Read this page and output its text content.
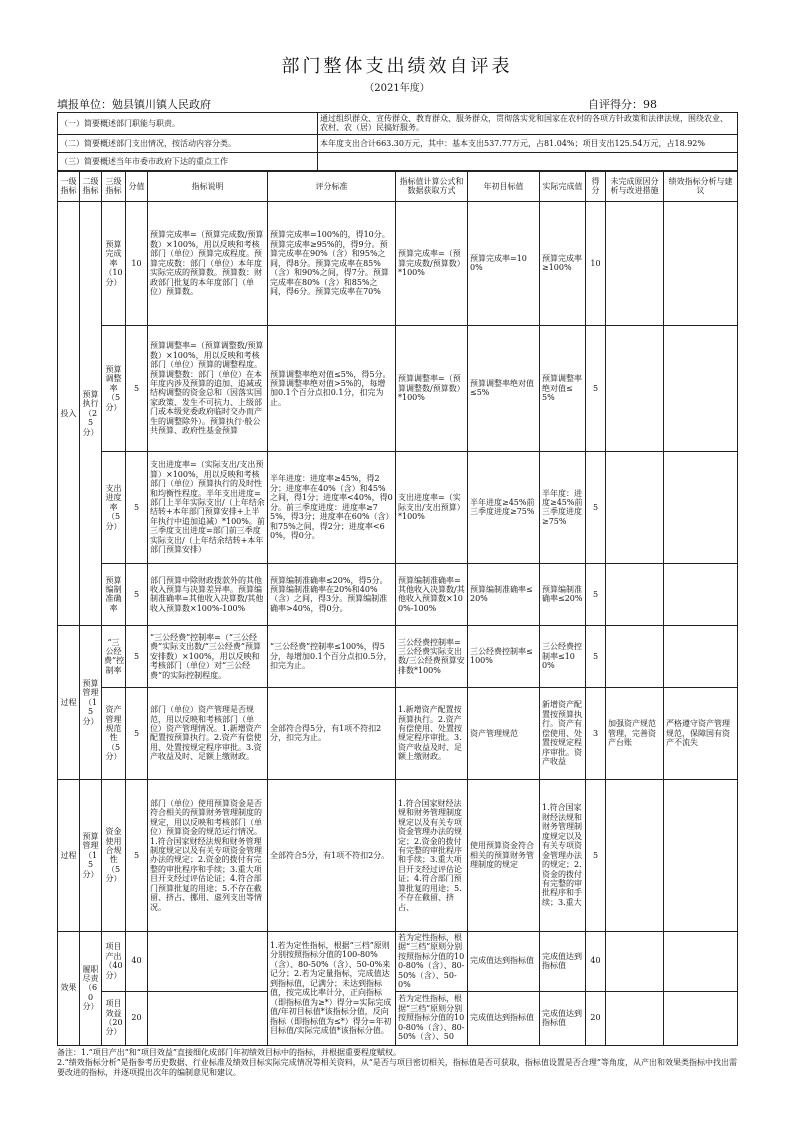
部门整体支出绩效自评表
（2021年度）
填报单位：勉县镇川镇人民政府	自评得分：98
（一）简要概述部门职能与职责。	通过组织群众、宣传群众、教育群众、服务群众，贯彻落实党和国家在农村的各项方针政策和法律法规，围绕农业、农村、农（居）民搞好服务。
（二）简要概述部门支出情况，按活动内容分类。	本年度支出合计663.30万元，其中：基本支出537.77万元，占81.04%；项目支出125.54万元，占18.92%
（三）简要概述当年市委市政府下达的重点工作	
一级指标	二级指标	三级指标	分值	指标说明	评分标准	指标值计算公式和数据获取方式	年初目标值	实际完成值	得分	未完成原因分析与改进措施	绩效指标分析与建议
投入	预算执行（25分）	预算完成率（10分）	10	预算完成率=（预算完成数/预算数）×100%，用以反映和考核部门（单位）预算完成程度。预算完成数：部门（单位）本年度实际完成的预算数。预算数：财政部门批复的本年度部门（单位）预算数。	预算完成率=100%的，得10分。预算完成率≥95%的，得9分。预算完成率在90%（含）和95%之间，得8分。预算完成率在85%（含）和90%之间，得7分。预算完成率在80%（含）和85%之间，得6分。预算完成率在70%	预算完成率=（预算完成数/预算数）*100%	预算完成率=100%	预算完成率≥100%	10		
		预算调整率（5分）	5	预算调整率=（预算调整数/预算数）×100%，用以反映和考核部门（单位）预算的调整程度。预算调整数：部门（单位）在本年度内涉及预算的追加、追减或结构调整的资金总和（因落实国家政策、发生不可抗力、上级部门或本级党委政府临时交办而产生的调整除外）。预算执行·般公共预算、政府性基金预算	预算调整率绝对值≤5%，得5分。预算调整率绝对值>5%的，每增加0.1个百分点扣0.1分，扣完为止。	预算调整率=（预算调整数/预算数）*100%	预算调整率绝对值≤5%	预算调整率绝对值≤5%	5		
		支出进度率（5分）	5	支出进度率=（实际支出/支出预算）×100%，用以反映和考核部门（单位）预算执行的及时性和均衡性程度。半年支出进度=部门上半年实际支出/（上年结余结转+本年部门预算安排+上半年执行中追加追减）*100%。前三季度支出进度=部门前三季度实际支出/（上年结余结转+本年部门预算安排）	半年进度：进度率≥45%，得2分；进度率在40%（含）和45%之间，得1分；进度率<40%，得0分。前三季度进度：进度率≥75%，得3分；进度率在60%（含）和75%之间，得2分；进度率<60%，得0分。	支出进度率=（实际支出/支出预算）*100%	半年进度≥45%前三季度进度≥75%	半年度：进度≥45%前三季度进度≥75%	5		
		预算编制准确率	5	部门预算中除财政拨款外的其他收入预算与决算差异率。预算编制准确率=其他收入决算数/其他收入预算数×100%-100%	预算编制准确率≤20%，得5分。预算编制准确率在20%和40%（含）之间，得3分。预算编制准确率>40%，得0分。	预算编制准确率=其他收入决算数/其他收入预算数×100%-100%	预算编制准确率≤20%	预算编制准确率≤20%	5		
过程	预算管理（15分）	“三公经费”控制率	5	“三公经费”控制率=（“三公经费”实际支出数/“三公经费”预算安排数）×100%，用以反映和考核部门（单位）对“三公经费”的实际控制程度。	“三公经费”控制率≤100%，得5分，每增加0.1个百分点扣0.5分，扣完为止。	三公经费控制率=三公经费实际支出数/三公经费预算安排数*100%	三公经费控制率≤100%	三公经费控制率≤100%	5		
		资产管理规范性（5分）	5	部门（单位）资产管理是否规范，用以反映和考核部门（单位）资产管理情况。1.新增资产配置按预算执行。2.资产有偿使用、处置按规定程序审批。3.资产收益及时、足额上缴财政。	全部符合得5分，有1项不符扣2分，扣完为止。	1.新增资产配置按预算执行。2.资产有偿使用、处置按规定程序审批。3.资产收益及时、足额上缴财政。	资产管理规范	新增资产配置按预算执行。资产有偿使用、处置按规定程序审批。资产收益	3	加强资产规范管理，完善资产台账	严格遵守资产管理规范，保障国有资产不流失
过程	预算管理（15分）	资金使用合规性（5分）	5	部门（单位）使用预算资金是否符合相关的预算财务管理制度的规定，用以反映和考核部门（单位）预算资金的规范运行情况。1.符合国家财经法规和财务管理制度规定以及有关专项资金管理办法的规定；2.资金的拨付有完整的审批程序和手续；3.重大项目开支经过评估论证；4.符合部门预算批复的用途；5.不存在截留、挤占、挪用、虚列支出等情况。	全部符合5分，有1项不符扣2分。	1.符合国家财经法规和财务管理制度规定以及有关专项资金管理办法的规定；2.资金的拨付有完整的审批程序和手续；3.重大项目开支经过评估论证；4.符合部门预算批复的用途；5.不存在截留、挤占、	使用预算资金符合相关的预算财务管理制度的规定	1.符合国家财经法规和财务管理制度规定以及有关专项资金管理办法的规定；2.资金的拨付有完整的审批程序和手续；3.重大	5		
效果	履职尽责（60分）	项目产出（40分）	40		1.若为定性指标，根据“三档”原则分别按照指标分值的100-80%（含）、80-50%（含）、50-0%来记分；2.若为定量指标，完成值达到指标值，记满分；未达到指标值，按完成比率计分，正向指标（即指标值为≥*）得分=实际完成值/年初目标值*该指标分值，反向指标（即指标值为≤*）得分=年初目标值/实际完成值*该指标分值。	若为定性指标，根据“三档”原则分别按照指标分值的100-80%（含）、80-50%（含）、50-0%	完成值达到指标值	完成值达到指标值	40		
		项目效益（20分）	20			若为定性指标，根据“三档”原则分别按照指标分值的100-80%（含）、80-50%（含）、50	完成值达到指标值	完成值达到指标值	20		
备注：1.“项目产出”和“项目效益”直接细化成部门年初绩效目标中的指标，并根据重要程度赋权。
2.“绩效指标分析”是指参考历史数据、行业标准及绩效目标实际完成情况等相关资料，从“是否与项目密切相关，指标值是否可获取，指标值设置是否合理”等角度，从产出和效果类指标中找出需要改进的指标，并逐项提出次年的编制意见和建议。
